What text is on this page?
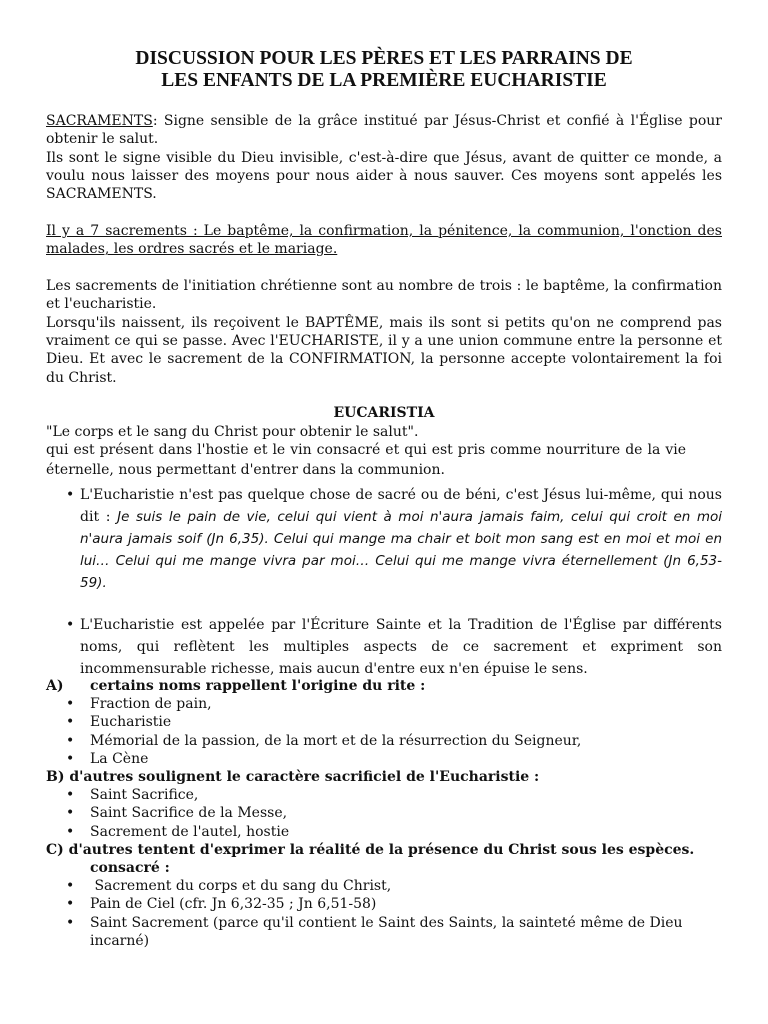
DISCUSSION POUR LES PÈRES ET LES PARRAINS DE
LES ENFANTS DE LA PREMIÈRE EUCHARISTIE
SACRAMENTS: Signe sensible de la grâce institué par Jésus-Christ et confié à l'Église pour obtenir le salut.
Ils sont le signe visible du Dieu invisible, c'est-à-dire que Jésus, avant de quitter ce monde, a voulu nous laisser des moyens pour nous aider à nous sauver. Ces moyens sont appelés les SACRAMENTS.
Il y a 7 sacrements : Le baptême, la confirmation, la pénitence, la communion, l'onction des malades, les ordres sacrés et le mariage.
Les sacrements de l'initiation chrétienne sont au nombre de trois : le baptême, la confirmation et l'eucharistie.
Lorsqu'ils naissent, ils reçoivent le BAPTÊME, mais ils sont si petits qu'on ne comprend pas vraiment ce qui se passe. Avec l'EUCHARISTE, il y a une union commune entre la personne et Dieu. Et avec le sacrement de la CONFIRMATION, la personne accepte volontairement la foi du Christ.
EUCARISTIA
"Le corps et le sang du Christ pour obtenir le salut".
qui est présent dans l'hostie et le vin consacré et qui est pris comme nourriture de la vie éternelle, nous permettant d'entrer dans la communion.
• L'Eucharistie n'est pas quelque chose de sacré ou de béni, c'est Jésus lui-même, qui nous dit : Je suis le pain de vie, celui qui vient à moi n'aura jamais faim, celui qui croit en moi n'aura jamais soif (Jn 6,35). Celui qui mange ma chair et boit mon sang est en moi et moi en lui… Celui qui me mange vivra par moi… Celui qui me mange vivra éternellement (Jn 6,53-59).
• L'Eucharistie est appelée par l'Écriture Sainte et la Tradition de l'Église par différents noms, qui reflètent les multiples aspects de ce sacrement et expriment son incommensurable richesse, mais aucun d'entre eux n'en épuise le sens.
A) certains noms rappellent l'origine du rite :
• Fraction de pain,
• Eucharistie
• Mémorial de la passion, de la mort et de la résurrection du Seigneur,
• La Cène
B) d'autres soulignent le caractère sacrificiel de l'Eucharistie :
• Saint Sacrifice,
• Saint Sacrifice de la Messe,
• Sacrement de l'autel, hostie
C) d'autres tentent d'exprimer la réalité de la présence du Christ sous les espèces.
consacré :
• Sacrement du corps et du sang du Christ,
• Pain de Ciel (cfr. Jn 6,32-35 ; Jn 6,51-58)
• Saint Sacrement (parce qu'il contient le Saint des Saints, la sainteté même de Dieu incarné)
